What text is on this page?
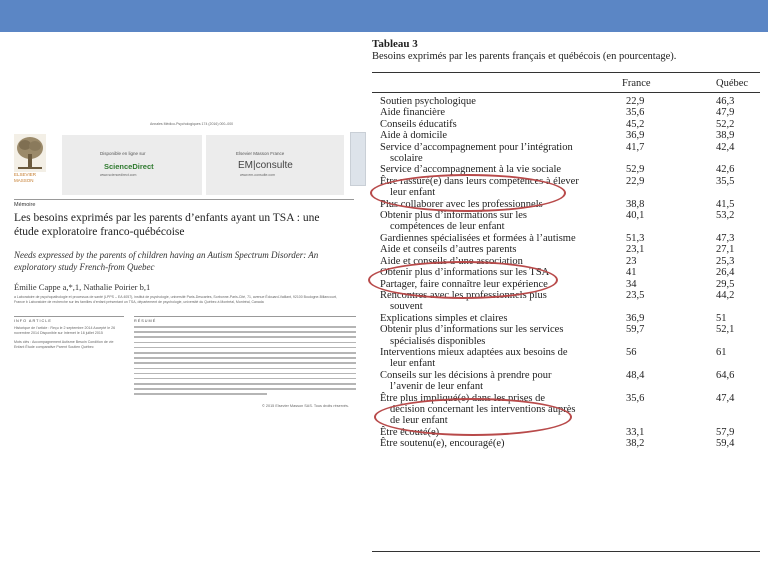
Annales Médico-Psychologiques 174 (2016) 000–000
ELSEVIER
MASSON
Disponible en ligne sur
ScienceDirect
www.sciencedirect.com
Elsevier Masson France
EM|consulte
www.em-consulte.com
Mémoire
Les besoins exprimés par les parents d’enfants ayant un TSA : une étude exploratoire franco-québécoise
Needs expressed by the parents of children having an Autism Spectrum Disorder: An exploratory study French-from Quebec
Émilie Cappe a,*,1, Nathalie Poirier b,1
a Laboratoire de psychopathologie et processus de santé (LPPS – EA 4057), institut de psychologie, université Paris-Descartes, Sorbonne-Paris-Cité, 71, avenue Édouard-Vaillant, 92100 Boulogne-Billancourt, France b Laboratoire de recherche sur les familles d’enfant présentant un TSA, département de psychologie, université du Québec à Montréal, Montréal, Canada
INFO ARTICLE	RÉSUMÉ
Historique de l’article : Reçu le 2 septembre 2014 Accepté le 26 novembre 2014 Disponible sur Internet le 16 juillet 2015
Mots clés : Accompagnement Autisme Besoin Condition de vie Enfant Étude comparative Parent Soutien Québec
© 2015 Elsevier Masson SAS. Tous droits réservés.
Tableau 3
Besoins exprimés par les parents français et québécois (en pourcentage).
France	Québec
Soutien psychologique	22,9	46,3
Aide financière	35,6	47,9
Conseils éducatifs	45,2	52,2
Aide à domicile	36,9	38,9
Service d’accompagnement pour l’intégration scolaire
41,7	42,4
Service d’accompagnement à la vie sociale	52,9	42,6
Être rassuré(e) dans leurs compétences à élever leur enfant
22,9	35,5
Plus collaborer avec les professionnels	38,8	41,5
Obtenir plus d’informations sur les compétences de leur enfant
40,1	53,2
Gardiennes spécialisées et formées à l’autisme	51,3	47,3
Aide et conseils d’autres parents	23,1	27,1
Aide et conseils d’une association	23	25,3
Obtenir plus d’informations sur les TSA	41	26,4
Partager, faire connaître leur expérience	34	29,5
Rencontres avec les professionnels plus souvent
23,5	44,2
Explications simples et claires	36,9	51
Obtenir plus d’informations sur les services spécialisés disponibles
59,7	52,1
Interventions mieux adaptées aux besoins de leur enfant
56	61
Conseils sur les décisions à prendre pour l’avenir de leur enfant
48,4	64,6
Être plus impliqué(e) dans les prises de décision concernant les interventions auprès de leur enfant
35,6	47,4
Être écouté(e)	33,1	57,9
Être soutenu(e), encouragé(e)	38,2	59,4
